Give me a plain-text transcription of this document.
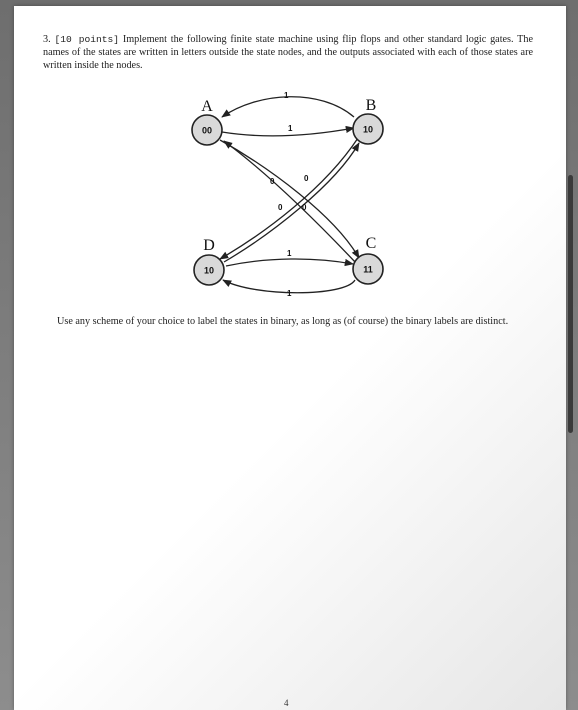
3. [10 points] Implement the following finite state machine using flip flops and other standard logic gates. The names of the states are written in letters outside the state nodes, and the outputs associated with each of those states are written inside the nodes.
1
1
0	0
0 0
1
1
00
A
10
B
11
C
10
D
Use any scheme of your choice to label the states in binary, as long as (of course) the binary labels are distinct.
4
